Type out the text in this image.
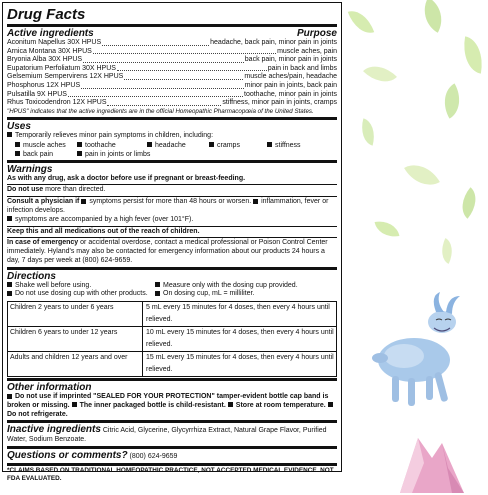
Drug Facts
Active ingredients	Purpose
Aconitum Napellus 30X HPUS	headache, back pain, minor pain in joints
Arnica Montana 30X HPUS	muscle aches, pain
Bryonia Alba 30X HPUS	back pain, minor pain in joints
Eupatorium Perfoliatum 30X HPUS	pain in back and limbs
Gelsemium Sempervirens 12X HPUS	muscle aches/pain, headache
Phosphorus 12X HPUS	minor pain in joints, back pain
Pulsatilla 9X HPUS	toothache, minor pain in joints
Rhus Toxicodendron 12X HPUS	stiffness, minor pain in joints, cramps
"HPUS" indicates that the active ingredients are in the official Homeopathic Pharmacopœia of the United States.
Uses
Temporarily relieves minor pain symptoms in children, including:
muscle aches	toothache	headache	cramps	stiffness
back pain	pain in joints or limbs
Warnings
As with any drug, ask a doctor before use if pregnant or breast-feeding.
Do not use more than directed.
Consult a physician if symptoms persist for more than 48 hours or worsen. inflammation, fever or infection develops.
symptoms are accompanied by a high fever (over 101°F).
Keep this and all medications out of the reach of children.
In case of emergency or accidental overdose, contact a medical professional or Poison Control Center immediately. Hyland's may also be contacted for emergency information about our products 24 hours a day, 7 days per week at (800) 624-9659.
Directions
Shake well before using.	Measure only with the dosing cup provided.
Do not use dosing cup with other products.	On dosing cup, mL = milliliter.
Children 2 years to under 6 years	5 mL every 15 minutes for 4 doses, then every 4 hours until relieved.
Children 6 years to under 12 years	10 mL every 15 minutes for 4 doses, then every 4 hours until relieved.
Adults and children 12 years and over	15 mL every 15 minutes for 4 doses, then every 4 hours until relieved.
Other information
Do not use if imprinted "SEALED FOR YOUR PROTECTION" tamper-evident bottle cap band is broken or missing. The inner packaged bottle is child-resistant. Store at room temperature. Do not refrigerate.
Inactive ingredients Citric Acid, Glycerine, Glycyrrhiza Extract, Natural Grape Flavor, Purified Water, Sodium Benzoate.
Questions or comments? (800) 624-9659
*CLAIMS BASED ON TRADITIONAL HOMEOPATHIC PRACTICE, NOT ACCEPTED MEDICAL EVIDENCE. NOT FDA EVALUATED.
